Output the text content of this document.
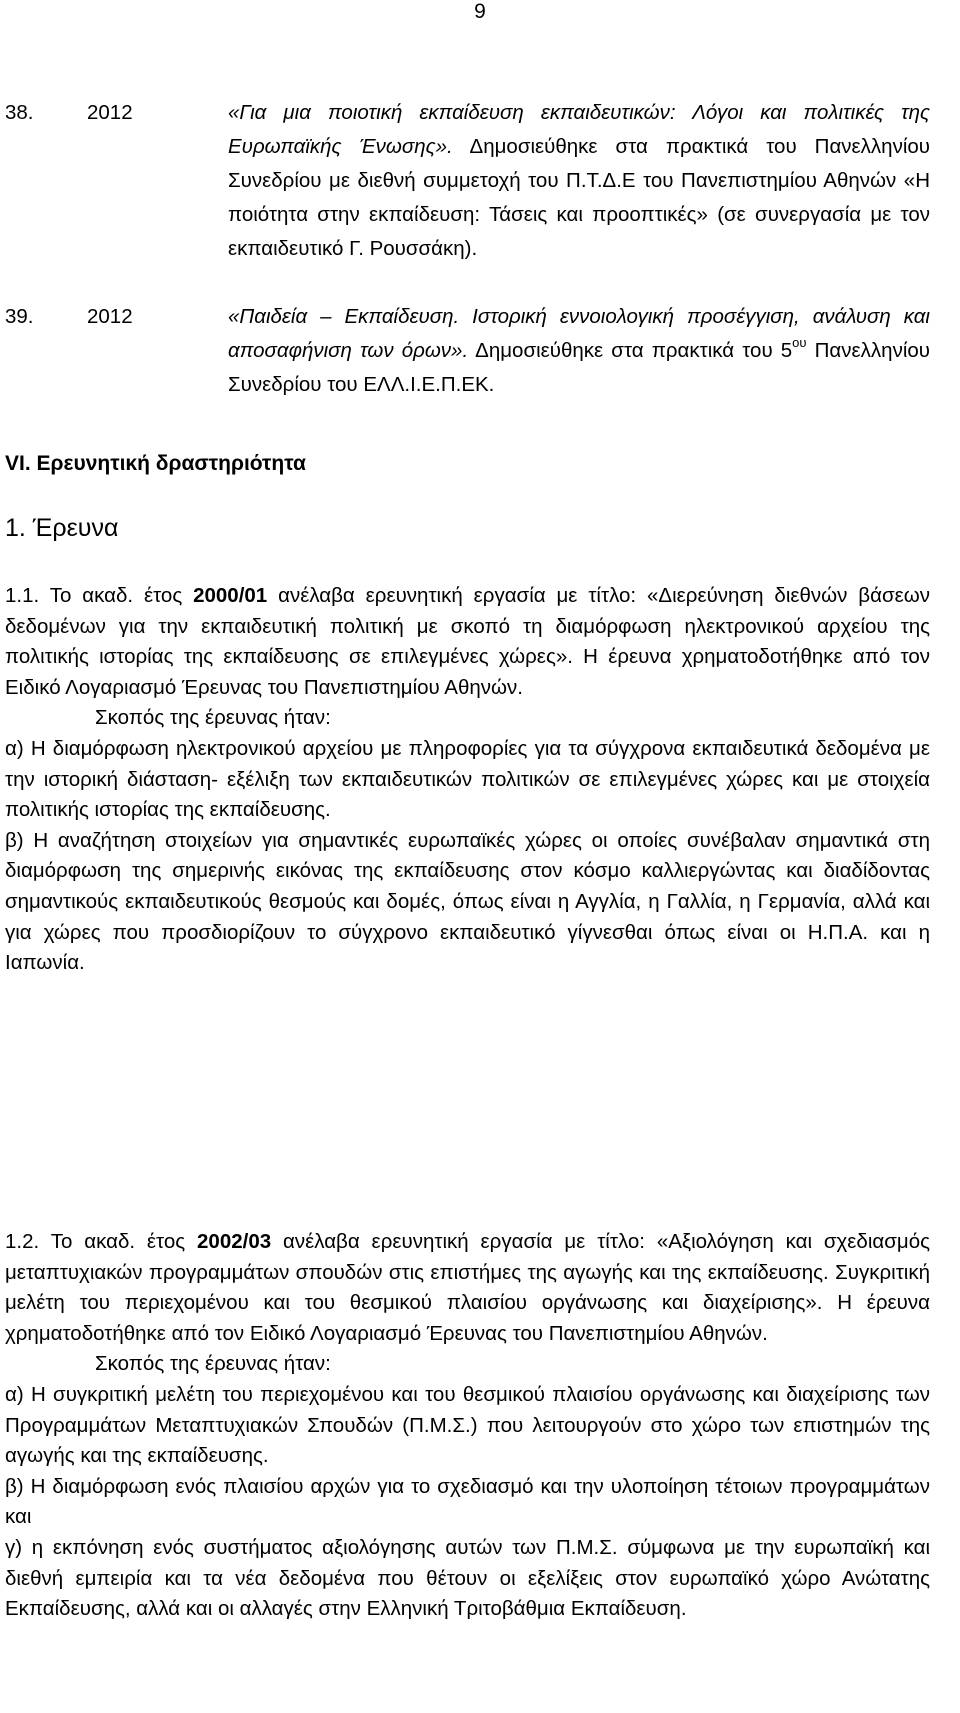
9
38.	2012	«Για μια ποιοτική εκπαίδευση εκπαιδευτικών: Λόγοι και πολιτικές της Ευρωπαϊκής Ένωσης». Δημοσιεύθηκε στα πρακτικά του Πανελληνίου Συνεδρίου με διεθνή συμμετοχή του Π.Τ.Δ.Ε του Πανεπιστημίου Αθηνών «Η ποιότητα στην εκπαίδευση: Τάσεις και προοπτικές» (σε συνεργασία με τον εκπαιδευτικό Γ. Ρουσσάκη).
39.	2012	«Παιδεία – Εκπαίδευση. Ιστορική εννοιολογική προσέγγιση, ανάλυση και αποσαφήνιση των όρων». Δημοσιεύθηκε στα πρακτικά του $5^{o\upsilon}$ Πανελληνίου Συνεδρίου του ΕΛΛ.Ι.Ε.Π.ΕΚ.
VI. Ερευνητική δραστηριότητα
1. Έρευνα

1.1. Το ακαδ. έτος 2000/01 ανέλαβα ερευνητική εργασία με τίτλο: «Διερεύνηση διεθνών βάσεων δεδομένων για την εκπαιδευτική πολιτική με σκοπό τη διαμόρφωση ηλεκτρονικού αρχείου της πολιτικής ιστορίας της εκπαίδευσης σε επιλεγμένες χώρες». Η έρευνα χρηματοδοτήθηκε από τον Ειδικό Λογαριασμό Έρευνας του Πανεπιστημίου Αθηνών.

Σκοπός της έρευνας ήταν:

α) Η διαμόρφωση ηλεκτρονικού αρχείου με πληροφορίες για τα σύγχρονα εκπαιδευτικά δεδομένα με την ιστορική διάσταση- εξέλιξη των εκπαιδευτικών πολιτικών σε επιλεγμένες χώρες και με στοιχεία πολιτικής ιστορίας της εκπαίδευσης.

β) Η αναζήτηση στοιχείων για σημαντικές ευρωπαϊκές χώρες οι οποίες συνέβαλαν σημαντικά στη διαμόρφωση της σημερινής εικόνας της εκπαίδευσης στον κόσμο καλλιεργώντας και διαδίδοντας σημαντικούς εκπαιδευτικούς θεσμούς και δομές, όπως είναι η Αγγλία, η Γαλλία, η Γερμανία, αλλά και για χώρες που προσδιορίζουν το σύγχρονο εκπαιδευτικό γίγνεσθαι όπως είναι οι Η.Π.Α. και η Ιαπωνία.

1.2. Το ακαδ. έτος 2002/03 ανέλαβα ερευνητική εργασία με τίτλο: «Αξιολόγηση και σχεδιασμός μεταπτυχιακών προγραμμάτων σπουδών στις επιστήμες της αγωγής και της εκπαίδευσης. Συγκριτική μελέτη του περιεχομένου και του θεσμικού πλαισίου οργάνωσης και διαχείρισης». Η έρευνα χρηματοδοτήθηκε από τον Ειδικό Λογαριασμό Έρευνας του Πανεπιστημίου Αθηνών.

Σκοπός της έρευνας ήταν:

α) Η συγκριτική μελέτη του περιεχομένου και του θεσμικού πλαισίου οργάνωσης και διαχείρισης των Προγραμμάτων Μεταπτυχιακών Σπουδών (Π.Μ.Σ.) που λειτουργούν στο χώρο των επιστημών της αγωγής και της εκπαίδευσης.

β) Η διαμόρφωση ενός πλαισίου αρχών για το σχεδιασμό και την υλοποίηση τέτοιων προγραμμάτων και

γ) η εκπόνηση ενός συστήματος αξιολόγησης αυτών των Π.Μ.Σ. σύμφωνα με την ευρωπαϊκή και διεθνή εμπειρία και τα νέα δεδομένα που θέτουν οι εξελίξεις στον ευρωπαϊκό χώρο Ανώτατης Εκπαίδευσης, αλλά και οι αλλαγές στην Ελληνική Τριτοβάθμια Εκπαίδευση.
